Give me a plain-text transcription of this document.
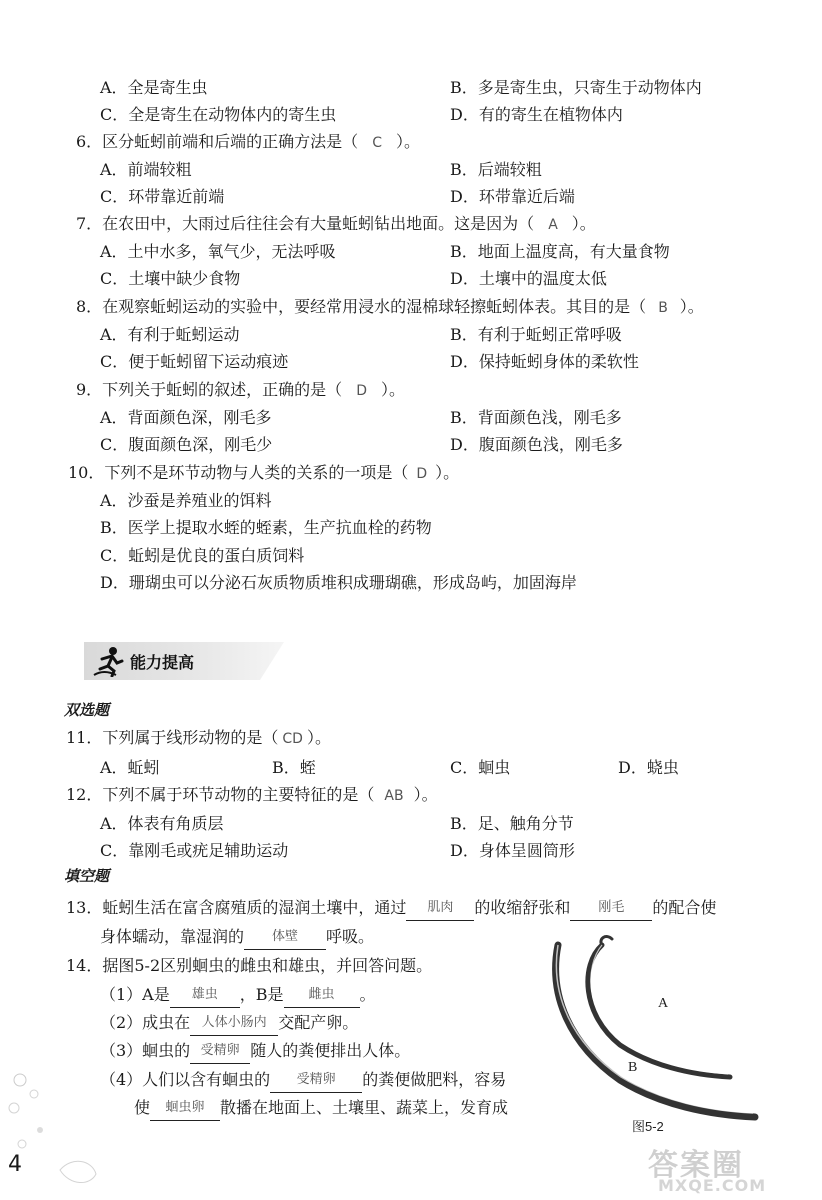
A．全是寄生虫	B．多是寄生虫，只寄生于动物体内
C．全是寄生在动物体内的寄生虫	D．有的寄生在植物体内
6．区分蚯蚓前端和后端的正确方法是（ C ）。
A．前端较粗	B．后端较粗
C．环带靠近前端	D．环带靠近后端
7．在农田中，大雨过后往往会有大量蚯蚓钻出地面。这是因为（ A ）。
A．土中水多，氧气少，无法呼吸	B．地面上温度高，有大量食物
C．土壤中缺少食物	D．土壤中的温度太低
8．在观察蚯蚓运动的实验中，要经常用浸水的湿棉球轻擦蚯蚓体表。其目的是（ B ）。
A．有利于蚯蚓运动	B．有利于蚯蚓正常呼吸
C．便于蚯蚓留下运动痕迹	D．保持蚯蚓身体的柔软性
9．下列关于蚯蚓的叙述，正确的是（ D ）。
A．背面颜色深，刚毛多	B．背面颜色浅，刚毛多
C．腹面颜色深，刚毛少	D．腹面颜色浅，刚毛多
10．下列不是环节动物与人类的关系的一项是（ D ）。
A．沙蚕是养殖业的饵料
B．医学上提取水蛭的蛭素，生产抗血栓的药物
C．蚯蚓是优良的蛋白质饲料
D．珊瑚虫可以分泌石灰质物质堆积成珊瑚礁，形成岛屿，加固海岸
能力提高
双选题
11．下列属于线形动物的是（ CD ）。
A．蚯蚓	B．蛭	C．蛔虫	D．蛲虫
12．下列不属于环节动物的主要特征的是（ AB ）。
A．体表有角质层	B．足、触角分节
C．靠刚毛或疣足辅助运动	D．身体呈圆筒形
填空题
13．蚯蚓生活在富含腐殖质的湿润土壤中，通过 肌肉 的收缩舒张和 刚毛 的配合使
身体蠕动，靠湿润的 体壁 呼吸。
14．据图5-2区别蛔虫的雌虫和雄虫，并回答问题。
（1）A是 雄虫 ，B是 雌虫 。
（2）成虫在 人体小肠内 交配产卵。
（3）蛔虫的 受精卵 随人的粪便排出人体。
（4）人们以含有蛔虫的 受精卵 的粪便做肥料，容易
使 蛔虫卵 散播在地面上、土壤里、蔬菜上，发育成
A
B
图5-2
4	答案圈
MXQE.COM
